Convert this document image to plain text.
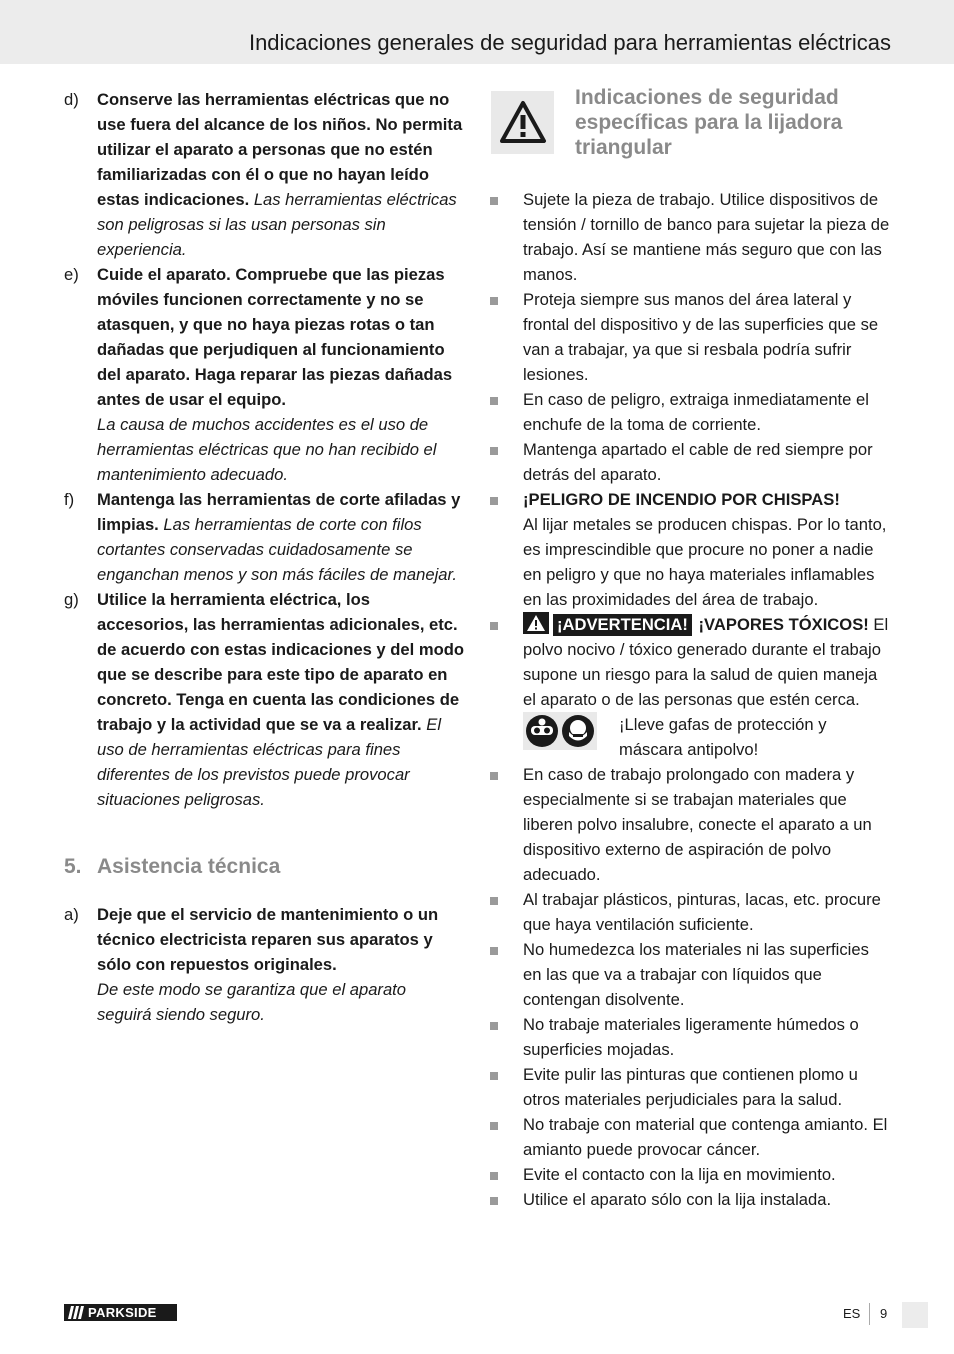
Indicaciones generales de seguridad para herramientas eléctricas
d) Conserve las herramientas eléctricas que no use fuera del alcance de los niños. No permita utilizar el aparato a personas que no estén familiarizadas con él o que no hayan leído estas indicaciones. Las herramientas eléctricas son peligrosas si las usan personas sin experiencia.
e) Cuide el aparato. Compruebe que las piezas móviles funcionen correctamente y no se atasquen, y que no haya piezas rotas o tan dañadas que perjudiquen al funcionamiento del aparato. Haga reparar las piezas dañadas antes de usar el equipo.
La causa de muchos accidentes es el uso de herramientas eléctricas que no han recibido el mantenimiento adecuado.
f) Mantenga las herramientas de corte afiladas y limpias. Las herramientas de corte con filos cortantes conservadas cuidadosamente se enganchan menos y son más fáciles de manejar.
g) Utilice la herramienta eléctrica, los accesorios, las herramientas adicionales, etc. de acuerdo con estas indicaciones y del modo que se describe para este tipo de aparato en concreto. Tenga en cuenta las condiciones de trabajo y la actividad que se va a realizar. El uso de herramientas eléctricas para fines diferentes de los previstos puede provocar situaciones peligrosas.
5. Asistencia técnica
a) Deje que el servicio de mantenimiento o un técnico electricista reparen sus aparatos y sólo con repuestos originales.
De este modo se garantiza que el aparato seguirá siendo seguro.
Indicaciones de seguridad específicas para la lijadora triangular
Sujete la pieza de trabajo. Utilice dispositivos de tensión / tornillo de banco para sujetar la pieza de trabajo. Así se mantiene más seguro que con las manos.
Proteja siempre sus manos del área lateral y frontal del dispositivo y de las superficies que se van a trabajar, ya que si resbala podría sufrir lesiones.
En caso de peligro, extraiga inmediatamente el enchufe de la toma de corriente.
Mantenga apartado el cable de red siempre por detrás del aparato.
¡PELIGRO DE INCENDIO POR CHISPAS!
Al lijar metales se producen chispas. Por lo tanto, es imprescindible que procure no poner a nadie en peligro y que no haya materiales inflamables en las proximidades del área de trabajo.
¡ADVERTENCIA! ¡VAPORES TÓXICOS! El polvo nocivo / tóxico generado durante el trabajo supone un riesgo para la salud de quien maneja el aparato o de las personas que estén cerca.
¡Lleve gafas de protección y máscara antipolvo!
En caso de trabajo prolongado con madera y especialmente si se trabajan materiales que liberen polvo insalubre, conecte el aparato a un dispositivo externo de aspiración de polvo adecuado.
Al trabajar plásticos, pinturas, lacas, etc. procure que haya ventilación suficiente.
No humedezca los materiales ni las superficies en las que va a trabajar con líquidos que contengan disolvente.
No trabaje materiales ligeramente húmedos o superficies mojadas.
Evite pulir las pinturas que contienen plomo u otros materiales perjudiciales para la salud.
No trabaje con material que contenga amianto. El amianto puede provocar cáncer.
Evite el contacto con la lija en movimiento.
Utilice el aparato sólo con la lija instalada.
PARKSIDE	ES 9
